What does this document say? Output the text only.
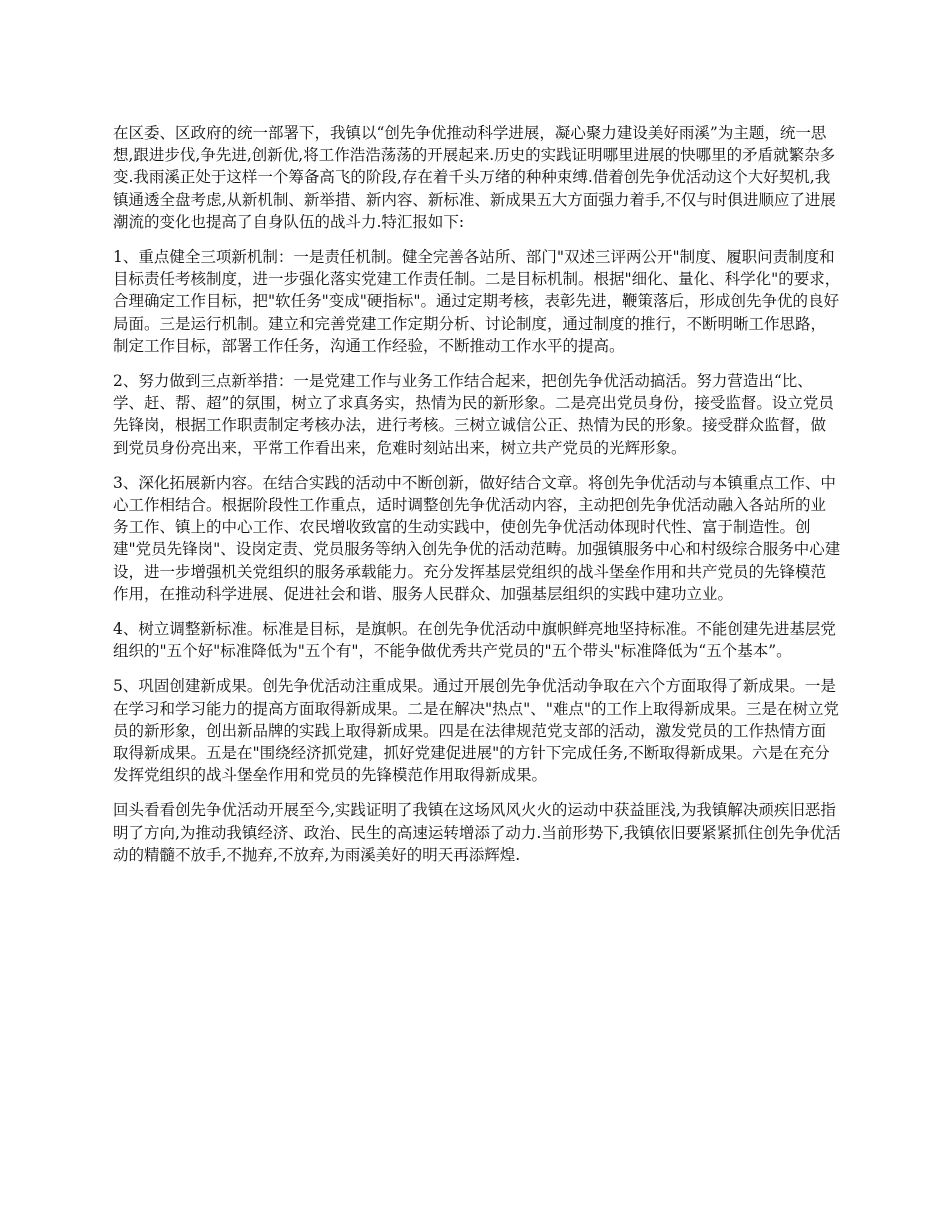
在区委、区政府的统一部署下，我镇以“创先争优推动科学进展，凝心聚力建设美好雨溪”为主题，统一思想,跟进步伐,争先进,创新优,将工作浩浩荡荡的开展起来.历史的实践证明哪里进展的快哪里的矛盾就繁杂多变.我雨溪正处于这样一个筹备高飞的阶段,存在着千头万绪的种种束缚.借着创先争优活动这个大好契机,我镇通透全盘考虑,从新机制、新举措、新内容、新标准、新成果五大方面强力着手,不仅与时俱进顺应了进展潮流的变化也提高了自身队伍的战斗力.特汇报如下:

1、重点健全三项新机制：一是责任机制。健全完善各站所、部门"双述三评两公开"制度、履职问责制度和目标责任考核制度，进一步强化落实党建工作责任制。二是目标机制。根据"细化、量化、科学化"的要求，合理确定工作目标，把"软任务"变成"硬指标"。通过定期考核，表彰先进，鞭策落后，形成创先争优的良好局面。三是运行机制。建立和完善党建工作定期分析、讨论制度，通过制度的推行，不断明晰工作思路，制定工作目标，部署工作任务，沟通工作经验，不断推动工作水平的提高。

2、努力做到三点新举措：一是党建工作与业务工作结合起来，把创先争优活动搞活。努力营造出“比、学、赶、帮、超”的氛围，树立了求真务实，热情为民的新形象。二是亮出党员身份，接受监督。设立党员先锋岗，根据工作职责制定考核办法，进行考核。三树立诚信公正、热情为民的形象。接受群众监督，做到党员身份亮出来，平常工作看出来，危难时刻站出来，树立共产党员的光辉形象。

3、深化拓展新内容。在结合实践的活动中不断创新，做好结合文章。将创先争优活动与本镇重点工作、中心工作相结合。根据阶段性工作重点，适时调整创先争优活动内容，主动把创先争优活动融入各站所的业务工作、镇上的中心工作、农民增收致富的生动实践中，使创先争优活动体现时代性、富于制造性。创建"党员先锋岗"、设岗定责、党员服务等纳入创先争优的活动范畴。加强镇服务中心和村级综合服务中心建设，进一步增强机关党组织的服务承载能力。充分发挥基层党组织的战斗堡垒作用和共产党员的先锋模范作用，在推动科学进展、促进社会和谐、服务人民群众、加强基层组织的实践中建功立业。

4、树立调整新标准。标准是目标，是旗帜。在创先争优活动中旗帜鲜亮地坚持标准。不能创建先进基层党组织的"五个好"标准降低为"五个有"，不能争做优秀共产党员的"五个带头"标准降低为“五个基本”。

5、巩固创建新成果。创先争优活动注重成果。通过开展创先争优活动争取在六个方面取得了新成果。一是在学习和学习能力的提高方面取得新成果。二是在解决"热点"、"难点"的工作上取得新成果。三是在树立党员的新形象，创出新品牌的实践上取得新成果。四是在法律规范党支部的活动，激发党员的工作热情方面取得新成果。五是在"围绕经济抓党建，抓好党建促进展"的方针下完成任务,不断取得新成果。六是在充分发挥党组织的战斗堡垒作用和党员的先锋模范作用取得新成果。

回头看看创先争优活动开展至今,实践证明了我镇在这场风风火火的运动中获益匪浅,为我镇解决顽疾旧恶指明了方向,为推动我镇经济、政治、民生的高速运转增添了动力.当前形势下,我镇依旧要紧紧抓住创先争优活动的精髓不放手,不抛弃,不放弃,为雨溪美好的明天再添辉煌.
